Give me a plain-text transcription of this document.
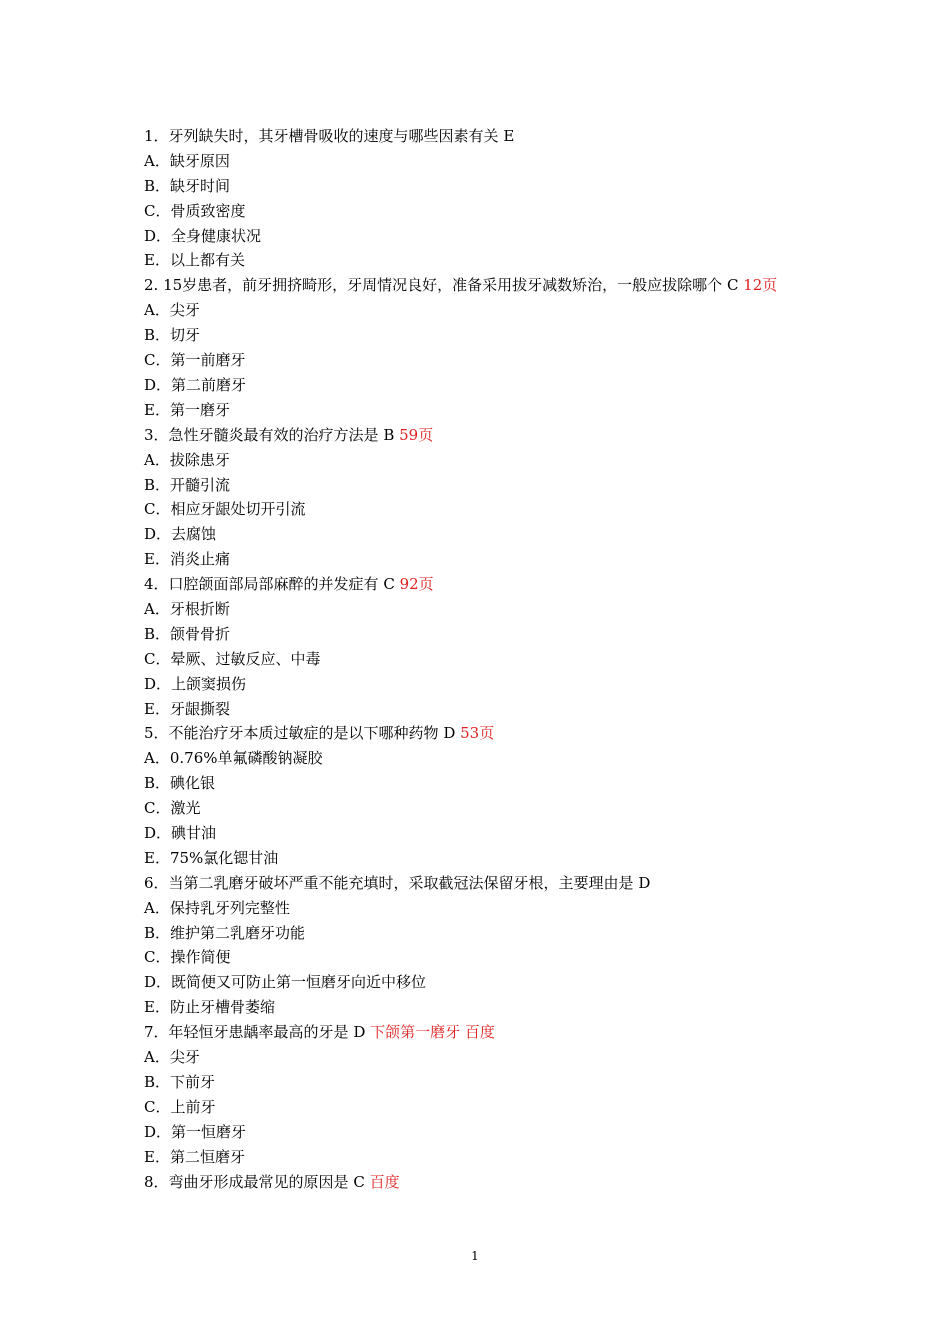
1．牙列缺失时，其牙槽骨吸收的速度与哪些因素有关 E
A．缺牙原因
B．缺牙时间
C．骨质致密度
D．全身健康状况
E．以上都有关
2. 15岁患者，前牙拥挤畸形，牙周情况良好，准备采用拔牙减数矫治，一般应拔除哪个 C 12页
A．尖牙
B．切牙
C．第一前磨牙
D．第二前磨牙
E．第一磨牙
3．急性牙髓炎最有效的治疗方法是 B 59页
A．拔除患牙
B．开髓引流
C．相应牙龈处切开引流
D．去腐蚀
E．消炎止痛
4．口腔颌面部局部麻醉的并发症有 C 92页
A．牙根折断
B．颌骨骨折
C．晕厥、过敏反应、中毒
D．上颌窦损伤
E．牙龈撕裂
5．不能治疗牙本质过敏症的是以下哪种药物 D 53页
A．0.76%单氟磷酸钠凝胶
B．碘化银
C．激光
D．碘甘油
E．75%氯化锶甘油
6．当第二乳磨牙破坏严重不能充填时，采取截冠法保留牙根，主要理由是 D
A．保持乳牙列完整性
B．维护第二乳磨牙功能
C．操作简便
D．既简便又可防止第一恒磨牙向近中移位
E．防止牙槽骨萎缩
7．年轻恒牙患龋率最高的牙是 D 下颌第一磨牙 百度
A．尖牙
B．下前牙
C．上前牙
D．第一恒磨牙
E．第二恒磨牙
8．弯曲牙形成最常见的原因是 C 百度
1
